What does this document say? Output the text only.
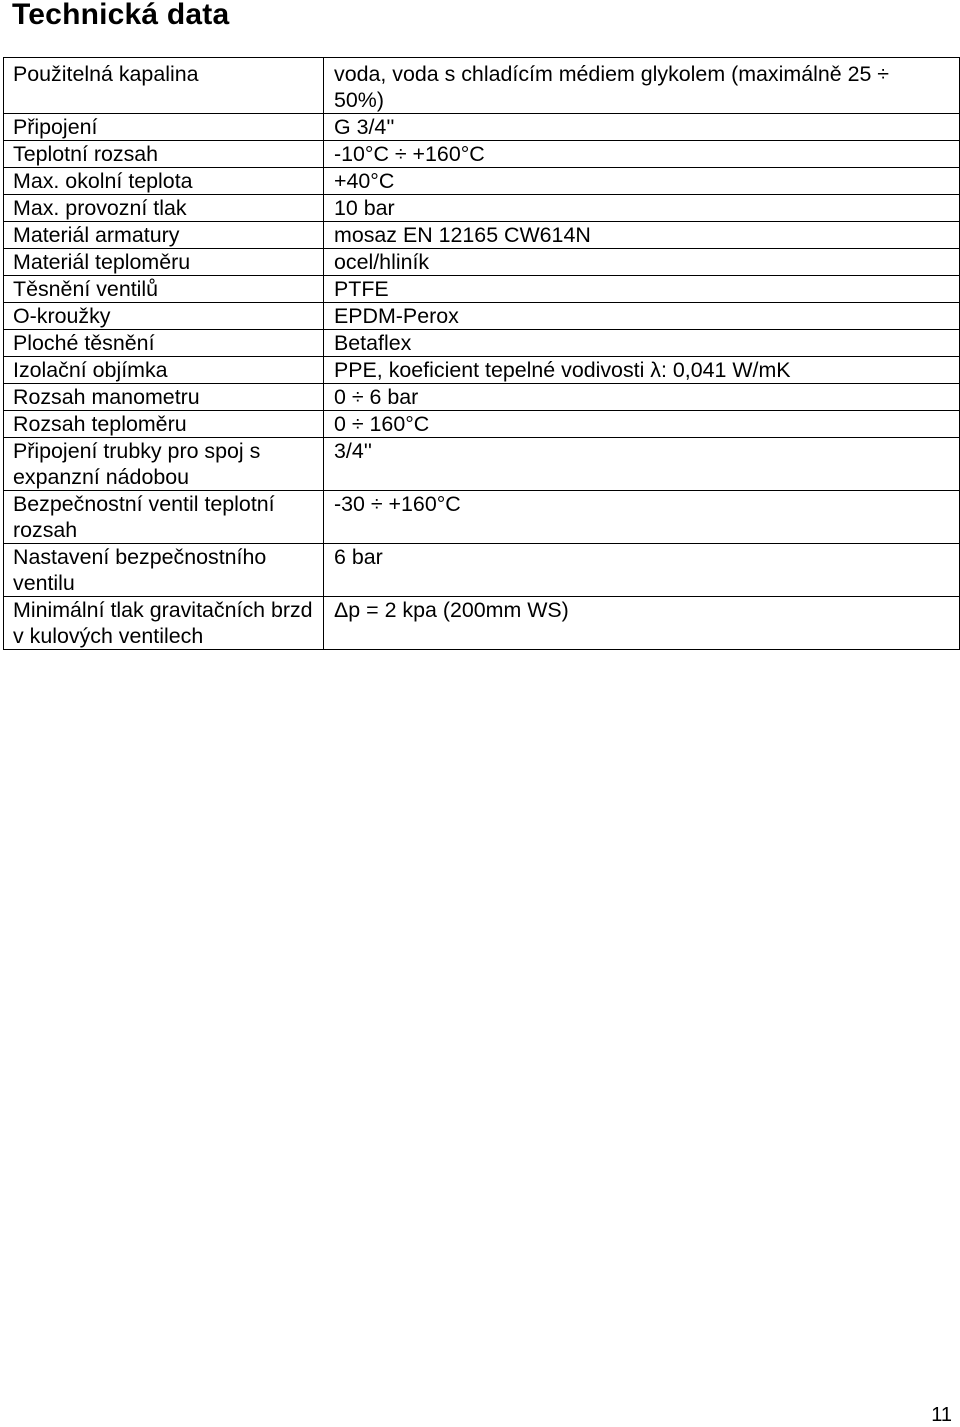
Technická data
Použitelná kapalina	voda, voda s chladícím médiem glykolem (maximálně 25 ÷ 50%)
Připojení	G 3/4''
Teplotní rozsah	-10°C ÷ +160°C
Max. okolní teplota	+40°C
Max. provozní tlak	10 bar
Materiál armatury	mosaz EN 12165 CW614N
Materiál teploměru	ocel/hliník
Těsnění ventilů	PTFE
O-kroužky	EPDM-Perox
Ploché těsnění	Betaflex
Izolační objímka	PPE, koeficient tepelné vodivosti λ: 0,041 W/mK
Rozsah manometru	0 ÷ 6 bar
Rozsah teploměru	0 ÷ 160°C
Připojení trubky pro spoj s expanzní nádobou	3/4''
Bezpečnostní ventil teplotní rozsah	-30 ÷ +160°C
Nastavení bezpečnostního ventilu	6 bar
Minimální tlak gravitačních brzd v kulových ventilech	Δp = 2 kpa (200mm WS)
11
